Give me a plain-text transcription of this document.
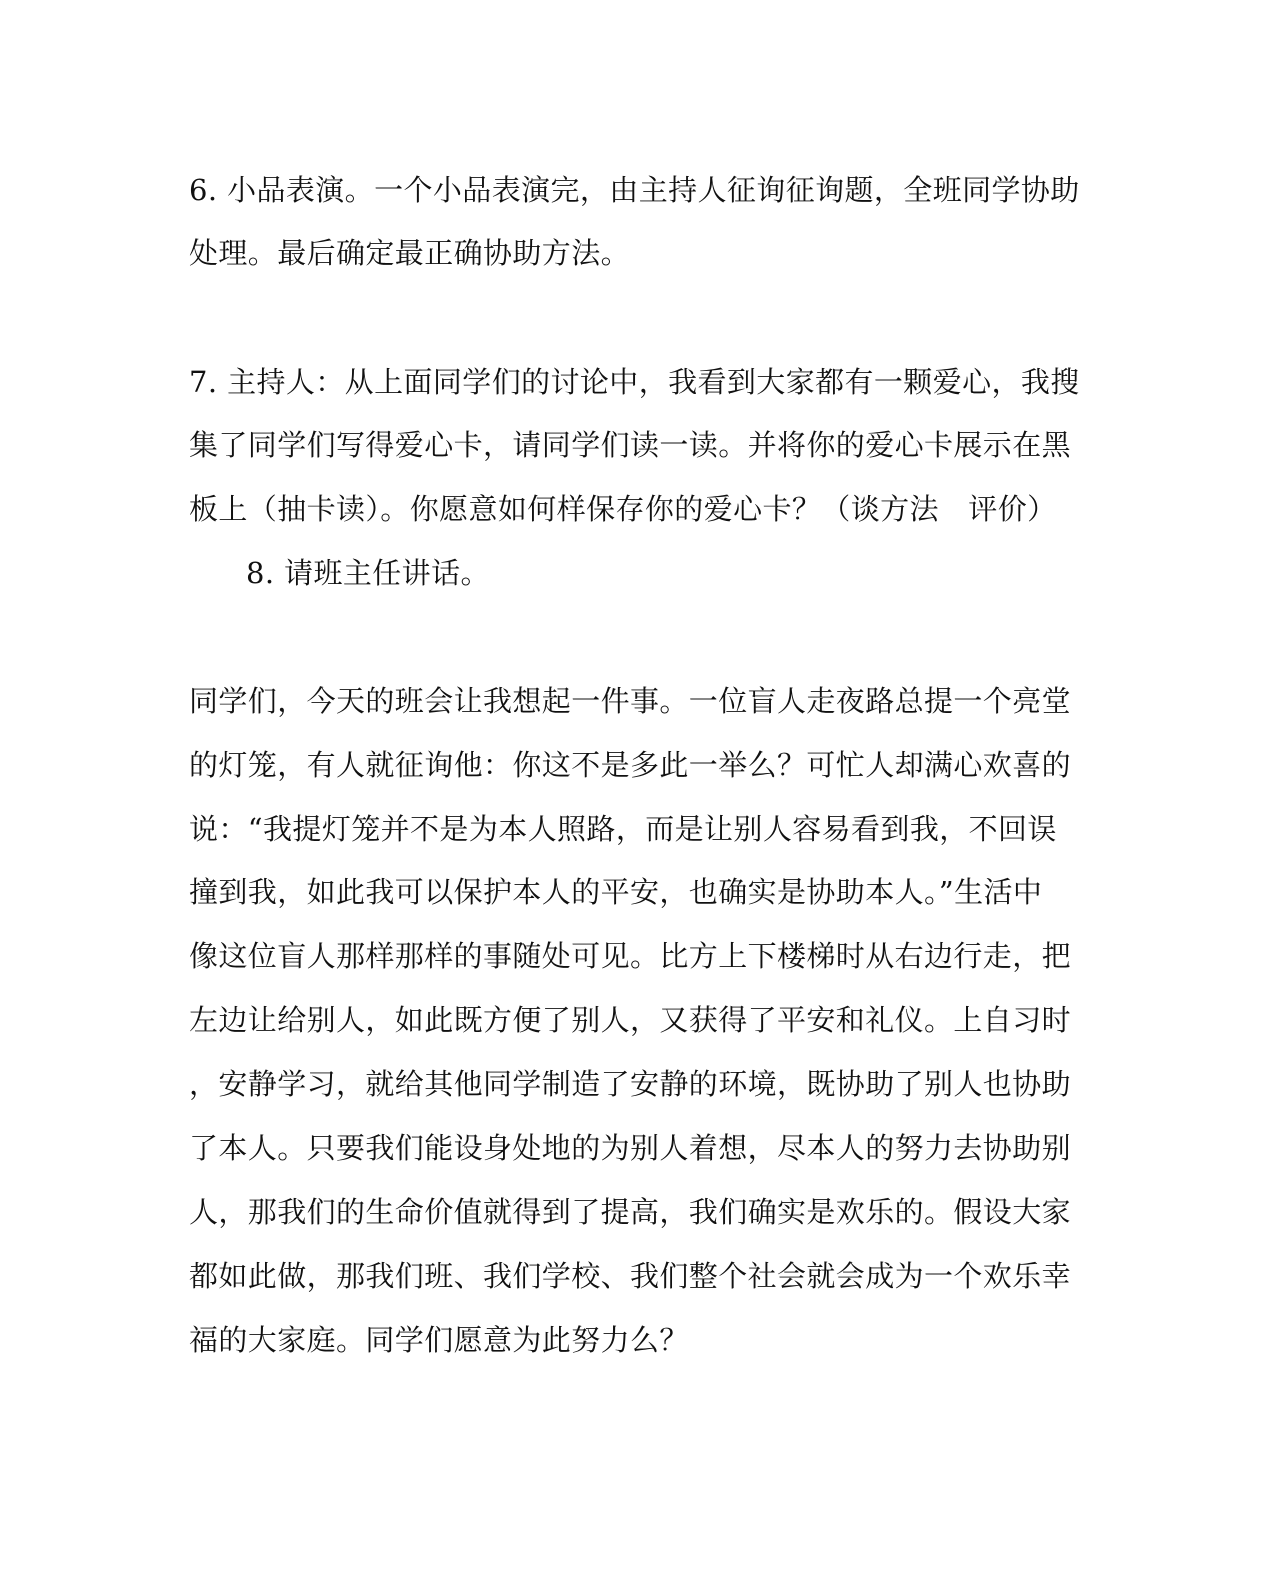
6. 小品表演。一个小品表演完，由主持人征询征询题，全班同学协助
处理。最后确定最正确协助方法。
7. 主持人：从上面同学们的讨论中，我看到大家都有一颗爱心，我搜
集了同学们写得爱心卡，请同学们读一读。并将你的爱心卡展示在黑
板上（抽卡读）。你愿意如何样保存你的爱心卡？（谈方法　评价）
8. 请班主任讲话。
同学们，今天的班会让我想起一件事。一位盲人走夜路总提一个亮堂
的灯笼，有人就征询他：你这不是多此一举么？可忙人却满心欢喜的
说：“我提灯笼并不是为本人照路，而是让别人容易看到我，不回误
撞到我，如此我可以保护本人的平安，也确实是协助本人。”生活中
像这位盲人那样那样的事随处可见。比方上下楼梯时从右边行走，把
左边让给别人，如此既方便了别人，又获得了平安和礼仪。上自习时
，安静学习，就给其他同学制造了安静的环境，既协助了别人也协助
了本人。只要我们能设身处地的为别人着想，尽本人的努力去协助别
人，那我们的生命价值就得到了提高，我们确实是欢乐的。假设大家
都如此做，那我们班、我们学校、我们整个社会就会成为一个欢乐幸
福的大家庭。同学们愿意为此努力么？
